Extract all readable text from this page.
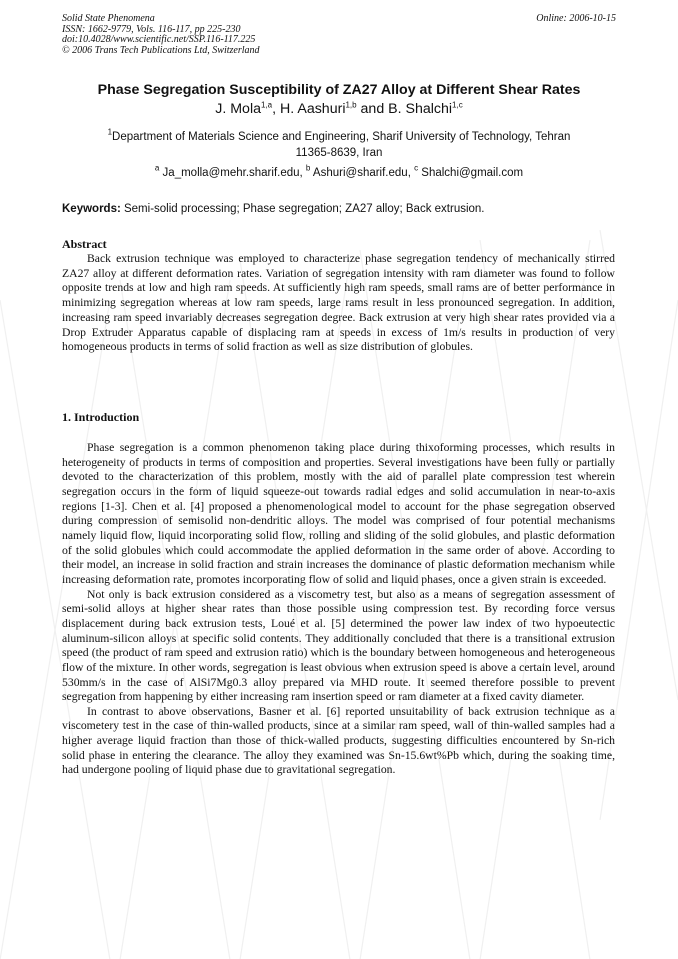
Solid State Phenomena
ISSN: 1662-9779, Vols. 116-117, pp 225-230
doi:10.4028/www.scientific.net/SSP.116-117.225
© 2006 Trans Tech Publications Ltd, Switzerland
Online: 2006-10-15
Phase Segregation Susceptibility of ZA27 Alloy at Different Shear Rates
J. Mola$^{1,a}$, H. Aashuri$^{1,b}$ and B. Shalchi$^{1,c}$
$^1$Department of Materials Science and Engineering, Sharif University of Technology, Tehran
11365-8639, Iran
$^a$ Ja_molla@mehr.sharif.edu, $^b$ Ashuri@sharif.edu, $^c$ Shalchi@gmail.com
Keywords: Semi-solid processing; Phase segregation; ZA27 alloy; Back extrusion.
Abstract

Back extrusion technique was employed to characterize phase segregation tendency of mechanically stirred ZA27 alloy at different deformation rates. Variation of segregation intensity with ram diameter was found to follow opposite trends at low and high ram speeds. At sufficiently high ram speeds, small rams are of better performance in minimizing segregation whereas at low ram speeds, large rams result in less pronounced segregation. In addition, increasing ram speed invariably decreases segregation degree. Back extrusion at very high shear rates provided via a Drop Extruder Apparatus capable of displacing ram at speeds in excess of 1m/s results in production of very homogeneous products in terms of solid fraction as well as size distribution of globules.

1. Introduction

Phase segregation is a common phenomenon taking place during thixoforming processes, which results in heterogeneity of products in terms of composition and properties. Several investigations have been fully or partially devoted to the characterization of this problem, mostly with the aid of parallel plate compression test wherein segregation occurs in the form of liquid squeeze-out towards radial edges and solid accumulation in near-to-axis regions [1-3]. Chen et al. [4] proposed a phenomenological model to account for the phase segregation observed during compression of semisolid non-dendritic alloys. The model was comprised of four potential mechanisms namely liquid flow, liquid incorporating solid flow, rolling and sliding of the solid globules, and plastic deformation of the solid globules which could accommodate the applied deformation in the same order of above. According to their model, an increase in solid fraction and strain increases the dominance of plastic deformation mechanism while increasing deformation rate, promotes incorporating flow of solid and liquid phases, once a given strain is exceeded.

Not only is back extrusion considered as a viscometry test, but also as a means of segregation assessment of semi-solid alloys at higher shear rates than those possible using compression test. By recording force versus displacement during back extrusion tests, Loué et al. [5] determined the power law index of two hypoeutectic aluminum-silicon alloys at specific solid contents. They additionally concluded that there is a transitional extrusion speed (the product of ram speed and extrusion ratio) which is the boundary between homogeneous and heterogeneous flow of the mixture. In other words, segregation is least obvious when extrusion speed is above a certain level, around 530mm/s in the case of AlSi7Mg0.3 alloy prepared via MHD route. It seemed therefore possible to prevent segregation from happening by either increasing ram insertion speed or ram diameter at a fixed cavity diameter.

In contrast to above observations, Basner et al. [6] reported unsuitability of back extrusion technique as a viscometery test in the case of thin-walled products, since at a similar ram speed, wall of thin-walled samples had a higher average liquid fraction than those of thick-walled products, suggesting difficulties encountered by Sn-rich solid phase in entering the clearance. The alloy they examined was Sn-15.6wt%Pb which, during the soaking time, had undergone pooling of liquid phase due to gravitational segregation.
